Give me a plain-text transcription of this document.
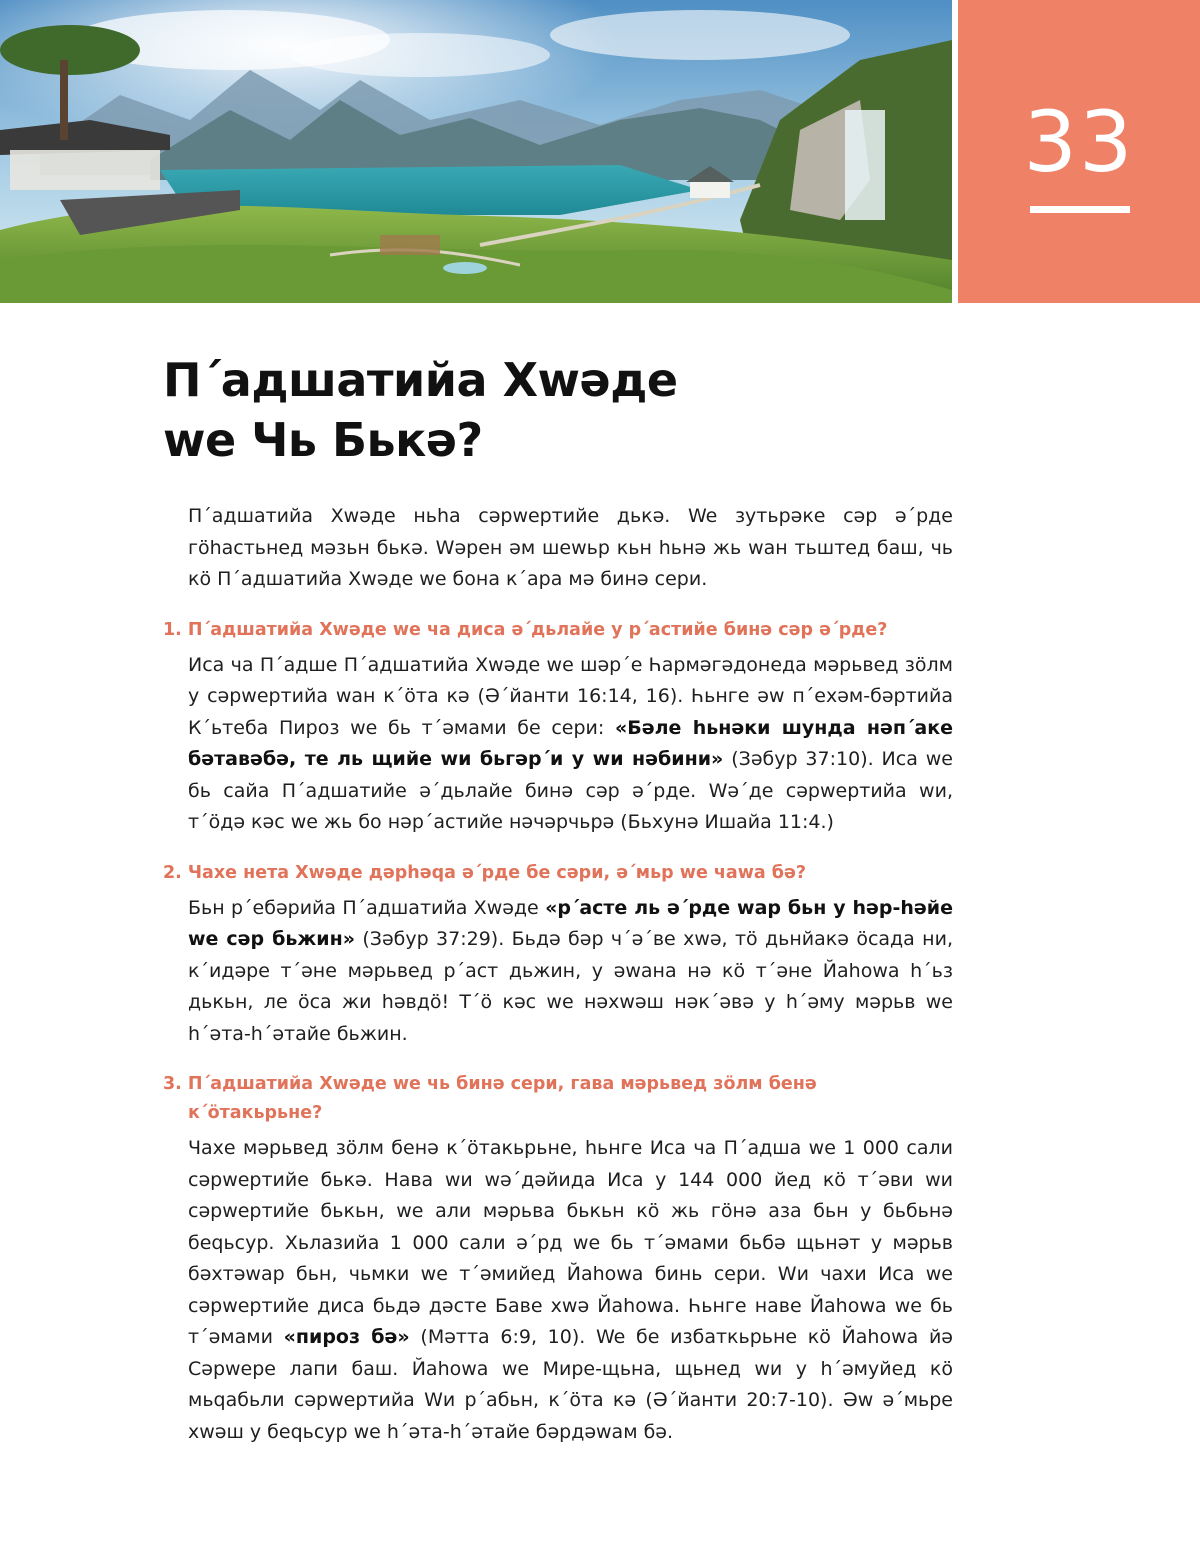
33
П΄адшатийа Хwəде
we Чь Бькə?

П΄адшатийа Хwəде ньhа сəрwертийе дькə. We зутьрəке сəр ə΄рде гöhастьнед мəзьн бькə. Wəрен əм шеwьр кьн hьнə жь wан тьштед баш, чь кö П΄адшатийа Хwəде we бона к΄ара мə бинə сери.

1. П΄адшатийа Хwəде we ча диса ə΄дьлайе у р΄астийе бинə сəр ə΄рде?

Иса ча П΄адше П΄адшатийа Хwəде we шəр΄е Һармəгəдонеда мəрьвед зöлм у сəрwертийа wан к΄öта кə (Ə΄йанти 16:14, 16). Һьнге əw п΄ехəм-бəртийа К΄ьтеба Пироз we бь т΄əмами бе сери: «Бəле hьнəки шунда нəп΄аке бəтавəбə, те ль щийе wи бьгəр΄и у wи нəбини» (Зəбур 37:10). Иса we бь сайа П΄адшатийе ə΄дьлайе бинə сəр ə΄рде. Wə΄де сəрwертийа wи, т΄öдə кəс we жь бо нəр΄астийе нəчəрчьрə (Бьхунə Ишайа 11:4.)

2. Чахе нета Хwəде дəрhəqа ə΄рде бе сəри, ə΄мьр we чаwа бə?

Бьн р΄ебəрийа П΄адшатийа Хwəде «р΄асте ль ə΄рде wар бьн у həр-həйе we сəр бьжин» (Зəбур 37:29). Бьдə бəр ч΄ə΄ве хwə, тö дьнйакə öсада ни, к΄идəре т΄əне мəрьвед р΄аст дьжин, у əwана нə кö т΄əне Йаhowa h΄ьз дькьн, ле öса жи həвдö! Т΄ö кəс we нəхwəш нəк΄əвə у h΄əму мəрьв we h΄əта-h΄əтайе бьжин.

3. П΄адшатийа Хwəде we чь бинə сери, гава мəрьвед зöлм бенə к΄öтакьрьне?

Чахе мəрьвед зöлм бенə к΄öтакьрьне, hьнге Иса ча П΄адша we 1 000 сали сəрwертийе бькə. Нава wи wə΄дəйида Иса у 144 000 йед кö т΄əви wи сəрwертийе бькьн, we али мəрьва бькьн кö жь гöнə аза бьн у бьбьнə беqьсур. Хьлазийа 1 000 сали ə΄рд we бь т΄əмами бьбə щьнəт у мəрьв бəхтəwар бьн, чьмки we т΄əмийед Йаhowa бинь сери. Wи чахи Иса we сəрwертийе диса бьдə дəсте Баве хwə Йаhowa. Һьнге наве Йаhowa we бь т΄əмами «пироз бə» (Мəтта 6:9, 10). We бе избаткьрьне кö Йаhowa йə Сəрwере лапи баш. Йаhowa we Мире-щьна, щьнед wи у h΄əмуйед кö мьqабьли сəрwертийа Wи р΄абьн, к΄öта кə (Ə΄йанти 20:7-10). Əw ə΄мьре хwəш у беqьсур we h΄əта-h΄əтайе бəрдəwам бə.
